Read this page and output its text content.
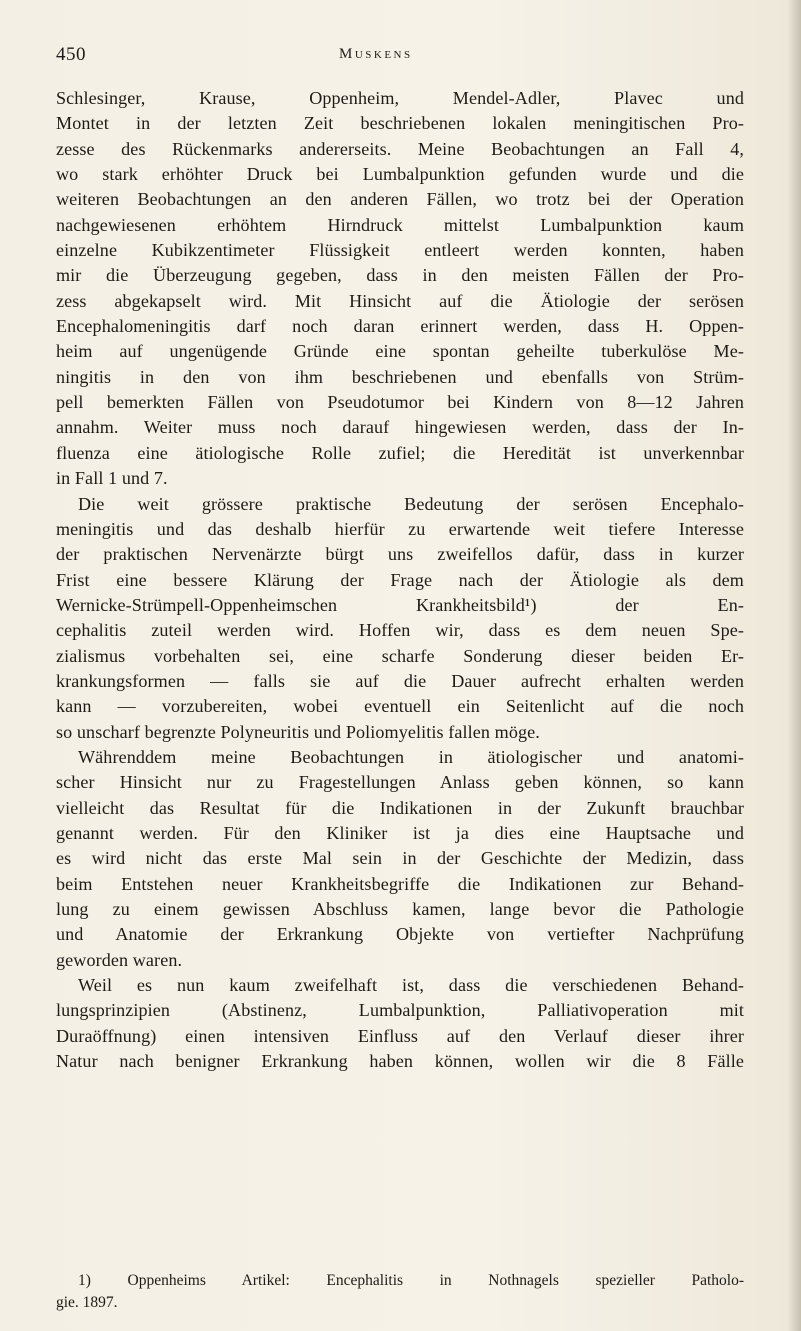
450	Muskens
Schlesinger, Krause, Oppenheim, Mendel-Adler, Plavec und
Montet in der letzten Zeit beschriebenen lokalen meningitischen Pro-
zesse des Rückenmarks andererseits. Meine Beobachtungen an Fall 4,
wo stark erhöhter Druck bei Lumbalpunktion gefunden wurde und die
weiteren Beobachtungen an den anderen Fällen, wo trotz bei der Operation
nachgewiesenen erhöhtem Hirndruck mittelst Lumbalpunktion kaum
einzelne Kubikzentimeter Flüssigkeit entleert werden konnten, haben
mir die Überzeugung gegeben, dass in den meisten Fällen der Pro-
zess abgekapselt wird. Mit Hinsicht auf die Ätiologie der serösen
Encephalomeningitis darf noch daran erinnert werden, dass H. Oppen-
heim auf ungenügende Gründe eine spontan geheilte tuberkulöse Me-
ningitis in den von ihm beschriebenen und ebenfalls von Strüm-
pell bemerkten Fällen von Pseudotumor bei Kindern von 8—12 Jahren
annahm. Weiter muss noch darauf hingewiesen werden, dass der In-
fluenza eine ätiologische Rolle zufiel; die Heredität ist unverkennbar
in Fall 1 und 7.
Die weit grössere praktische Bedeutung der serösen Encephalo-
meningitis und das deshalb hierfür zu erwartende weit tiefere Interesse
der praktischen Nervenärzte bürgt uns zweifellos dafür, dass in kurzer
Frist eine bessere Klärung der Frage nach der Ätiologie als dem
Wernicke-Strümpell-Oppenheimschen Krankheitsbild¹) der En-
cephalitis zuteil werden wird. Hoffen wir, dass es dem neuen Spe-
zialismus vorbehalten sei, eine scharfe Sonderung dieser beiden Er-
krankungsformen — falls sie auf die Dauer aufrecht erhalten werden
kann — vorzubereiten, wobei eventuell ein Seitenlicht auf die noch
so unscharf begrenzte Polyneuritis und Poliomyelitis fallen möge.
Währenddem meine Beobachtungen in ätiologischer und anatomi-
scher Hinsicht nur zu Fragestellungen Anlass geben können, so kann
vielleicht das Resultat für die Indikationen in der Zukunft brauchbar
genannt werden. Für den Kliniker ist ja dies eine Hauptsache und
es wird nicht das erste Mal sein in der Geschichte der Medizin, dass
beim Entstehen neuer Krankheitsbegriffe die Indikationen zur Behand-
lung zu einem gewissen Abschluss kamen, lange bevor die Pathologie
und Anatomie der Erkrankung Objekte von vertiefter Nachprüfung
geworden waren.
Weil es nun kaum zweifelhaft ist, dass die verschiedenen Behand-
lungsprinzipien (Abstinenz, Lumbalpunktion, Palliativoperation mit
Duraöffnung) einen intensiven Einfluss auf den Verlauf dieser ihrer
Natur nach benigner Erkrankung haben können, wollen wir die 8 Fälle
1) Oppenheims Artikel: Encephalitis in Nothnagels spezieller Patholo-
gie. 1897.
